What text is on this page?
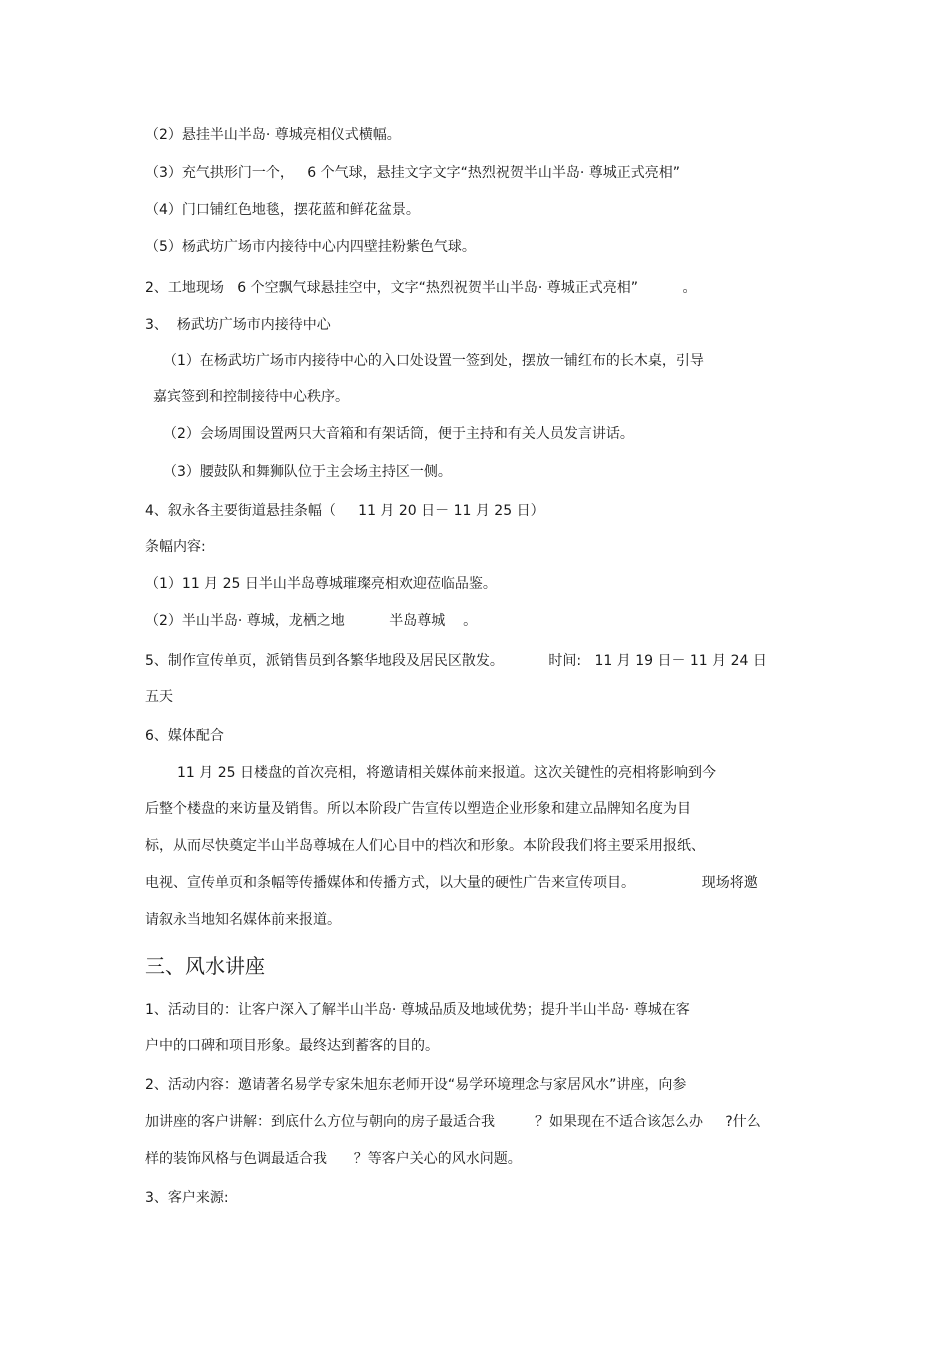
（2）悬挂半山半岛· 尊城亮相仪式横幅。
（3）充气拱形门一个，   6 个气球，悬挂文字文字“热烈祝贺半山半岛· 尊城正式亮相”
（4）门口铺红色地毯，摆花蓝和鲜花盆景。
（5）杨武坊广场市内接待中心内四壁挂粉紫色气球。
2、工地现场   6 个空飘气球悬挂空中，文字“热烈祝贺半山半岛· 尊城正式亮相”          。
3、  杨武坊广场市内接待中心
（1）在杨武坊广场市内接待中心的入口处设置一签到处，摆放一铺红布的长木桌，引导
嘉宾签到和控制接待中心秩序。
（2）会场周围设置两只大音箱和有架话筒，便于主持和有关人员发言讲话。
（3）腰鼓队和舞狮队位于主会场主持区一侧。
4、叙永各主要街道悬挂条幅（     11 月 20 日－ 11 月 25 日）
条幅内容:
（1）11 月 25 日半山半岛尊城璀璨亮相欢迎莅临品鉴。
（2）半山半岛· 尊城，龙栖之地          半岛尊城    。
5、制作宣传单页，派销售员到各繁华地段及居民区散发。          时间:   11 月 19 日－ 11 月 24 日
五天
6、媒体配合
11 月 25 日楼盘的首次亮相，将邀请相关媒体前来报道。这次关键性的亮相将影响到今
后整个楼盘的来访量及销售。所以本阶段广告宣传以塑造企业形象和建立品牌知名度为目
标，从而尽快奠定半山半岛尊城在人们心目中的档次和形象。本阶段我们将主要采用报纸、
电视、宣传单页和条幅等传播媒体和传播方式，以大量的硬性广告来宣传项目。               现场将邀
请叙永当地知名媒体前来报道。
三、风水讲座
1、活动目的：让客户深入了解半山半岛· 尊城品质及地域优势；提升半山半岛· 尊城在客
户中的口碑和项目形象。最终达到蓄客的目的。
2、活动内容：邀请著名易学专家朱旭东老师开设“易学环境理念与家居风水”讲座，向参
加讲座的客户讲解：到底什么方位与朝向的房子最适合我         ？如果现在不适合该怎么办     ?什么
样的装饰风格与色调最适合我      ？等客户关心的风水问题。
3、客户来源:
